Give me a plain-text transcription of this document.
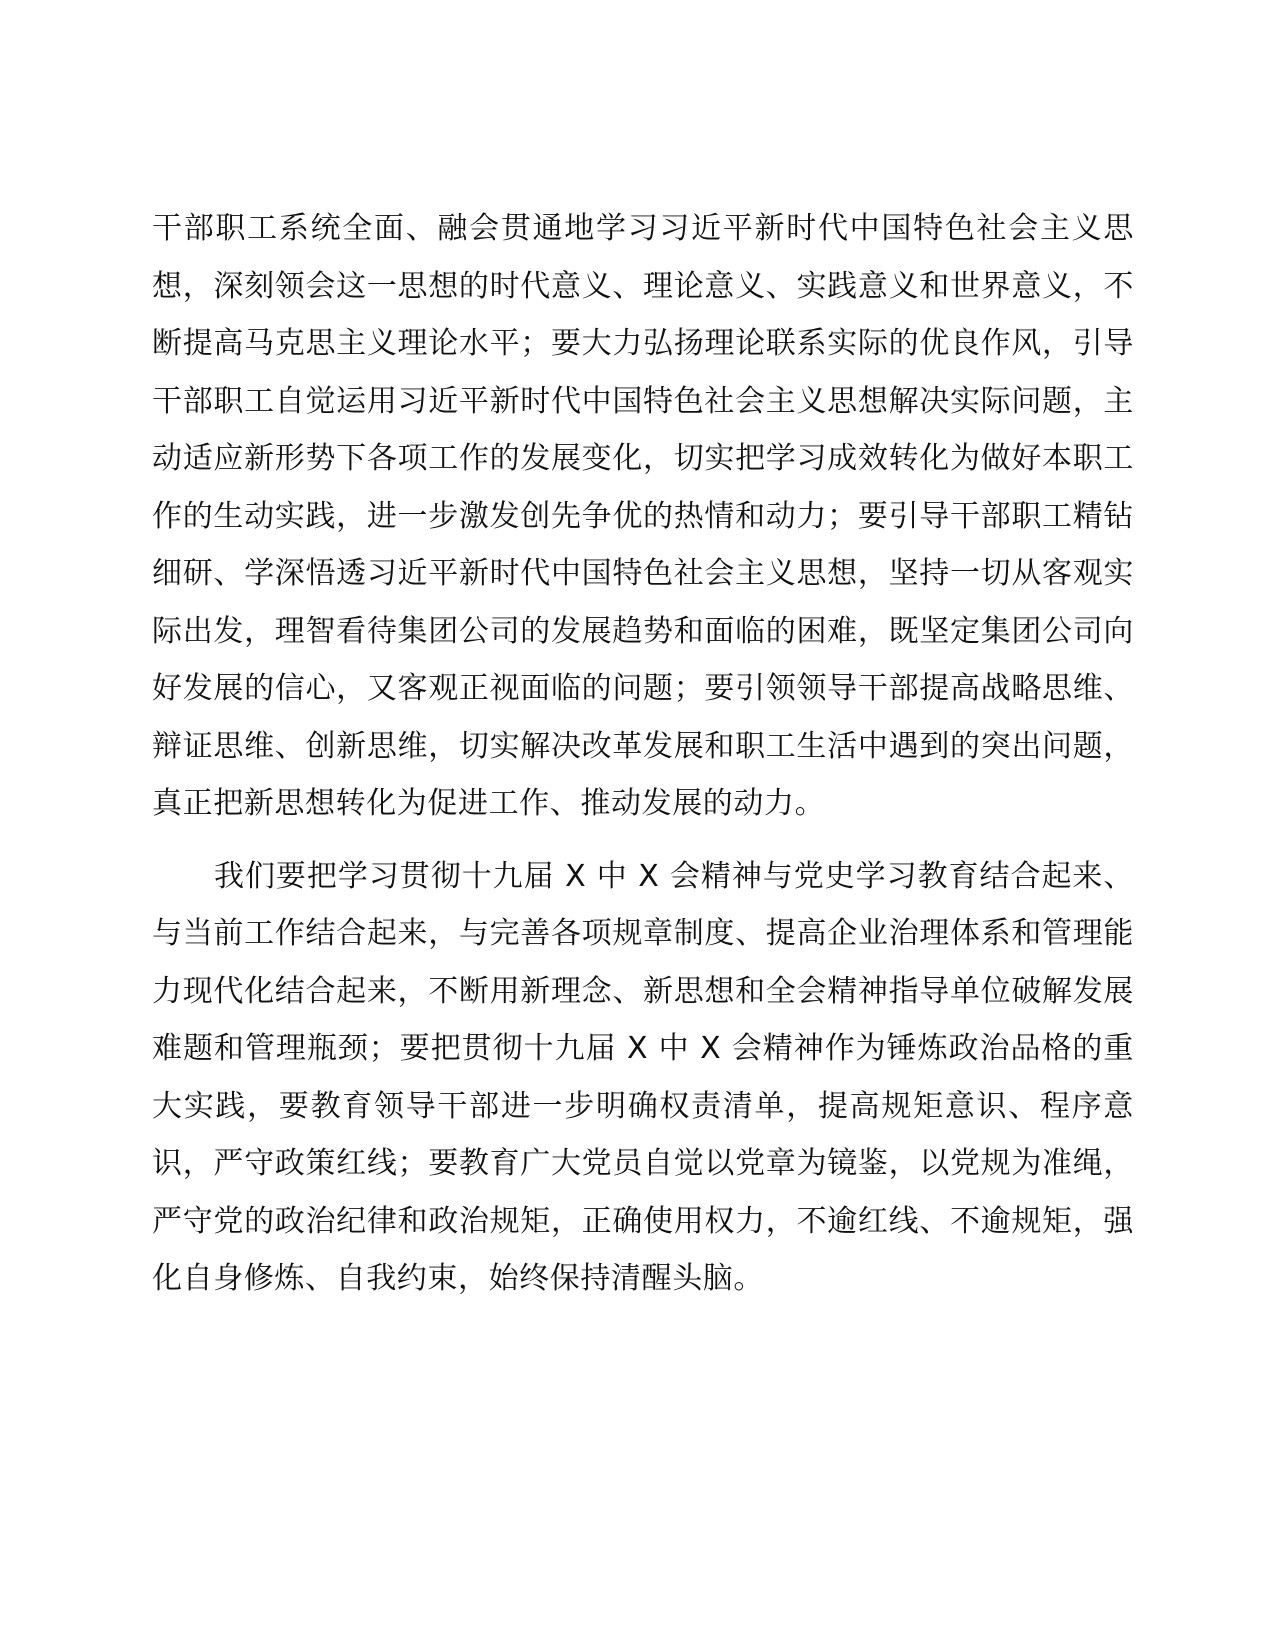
干部职工系统全面、融会贯通地学习习近平新时代中国特色社会主义思想，深刻领会这一思想的时代意义、理论意义、实践意义和世界意义，不断提高马克思主义理论水平；要大力弘扬理论联系实际的优良作风，引导干部职工自觉运用习近平新时代中国特色社会主义思想解决实际问题，主动适应新形势下各项工作的发展变化，切实把学习成效转化为做好本职工作的生动实践，进一步激发创先争优的热情和动力；要引导干部职工精钻细研、学深悟透习近平新时代中国特色社会主义思想，坚持一切从客观实际出发，理智看待集团公司的发展趋势和面临的困难，既坚定集团公司向好发展的信心，又客观正视面临的问题；要引领领导干部提高战略思维、辩证思维、创新思维，切实解决改革发展和职工生活中遇到的突出问题，真正把新思想转化为促进工作、推动发展的动力。

我们要把学习贯彻十九届 X 中 X 会精神与党史学习教育结合起来、与当前工作结合起来，与完善各项规章制度、提高企业治理体系和管理能力现代化结合起来，不断用新理念、新思想和全会精神指导单位破解发展难题和管理瓶颈；要把贯彻十九届 X 中 X 会精神作为锤炼政治品格的重大实践，要教育领导干部进一步明确权责清单，提高规矩意识、程序意识，严守政策红线；要教育广大党员自觉以党章为镜鉴，以党规为准绳，严守党的政治纪律和政治规矩，正确使用权力，不逾红线、不逾规矩，强化自身修炼、自我约束，始终保持清醒头脑。
